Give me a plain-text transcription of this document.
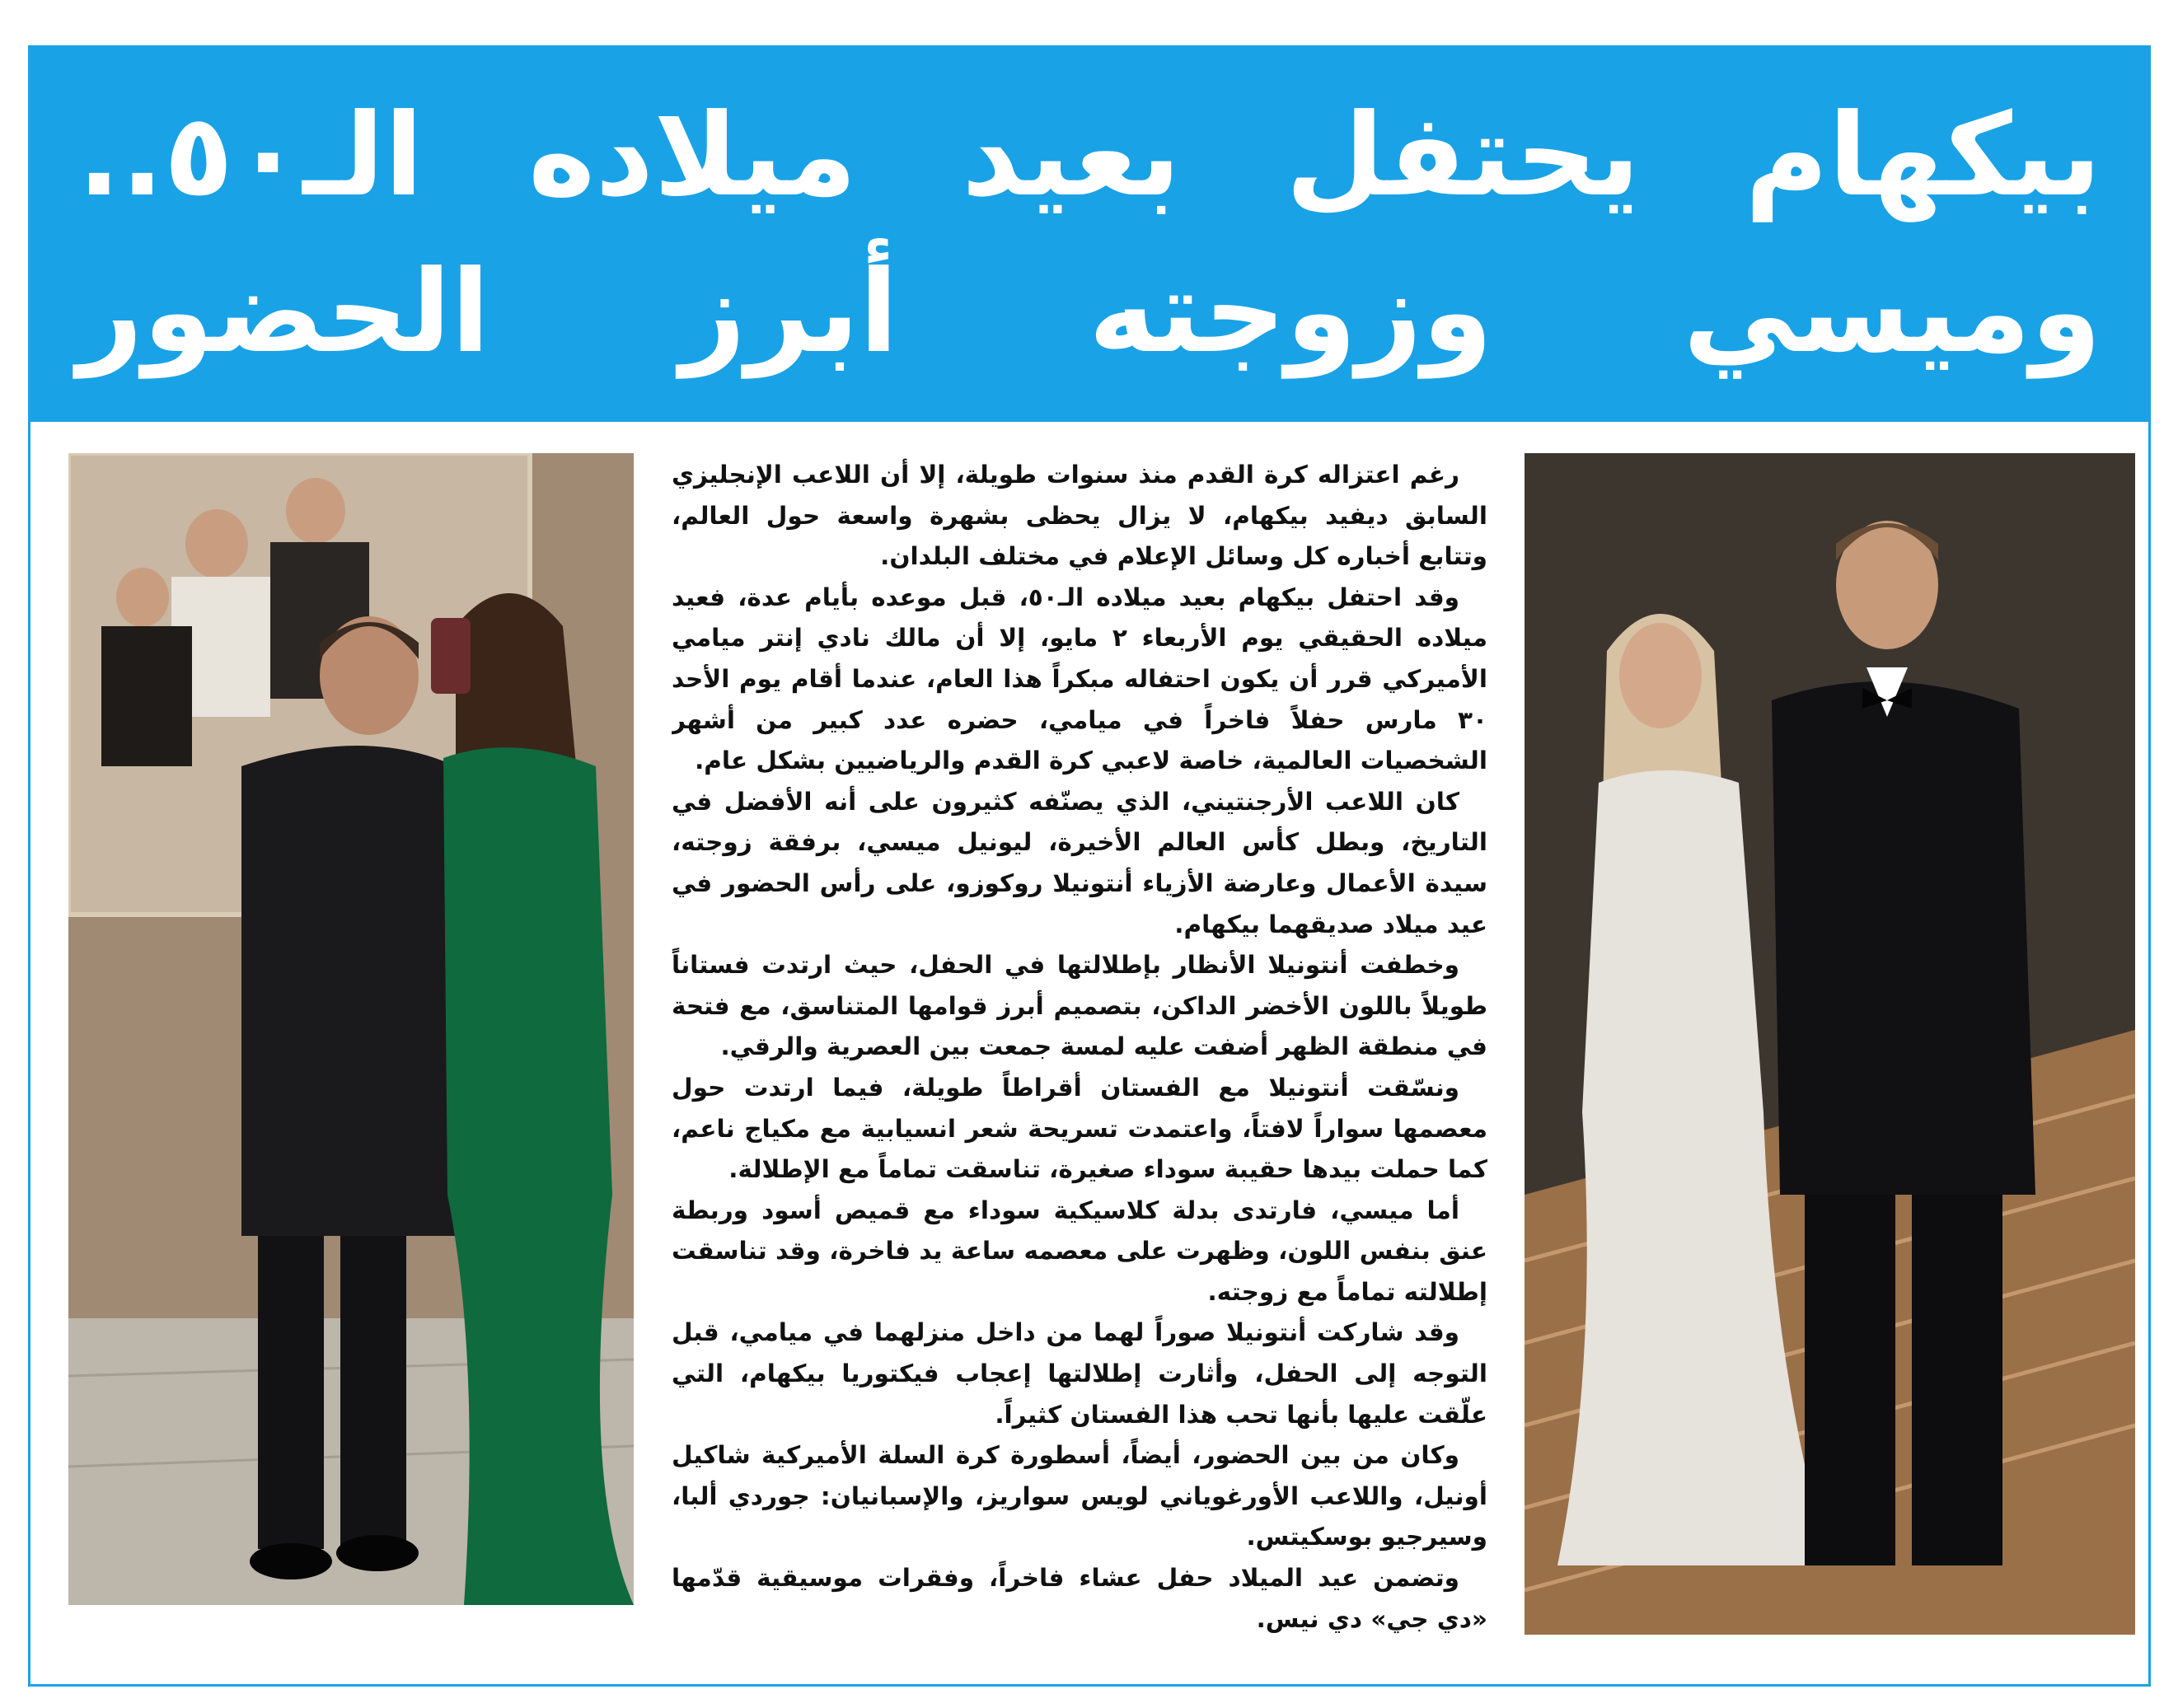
بيكهام يحتفل بعيد ميلاده الـ٥٠..
وميسي وزوجته أبرز الحضور

رغم اعتزاله كرة القدم منذ سنوات طويلة، إلا أن اللاعب الإنجليزي السابق ديفيد بيكهام، لا يزال يحظى بشهرة واسعة حول العالم، وتتابع أخباره كل وسائل الإعلام في مختلف البلدان.

وقد احتفل بيكهام بعيد ميلاده الـ٥٠، قبل موعده بأيام عدة، فعيد ميلاده الحقيقي يوم الأربعاء ٢ مايو، إلا أن مالك نادي إنتر ميامي الأميركي قرر أن يكون احتفاله مبكراً هذا العام، عندما أقام يوم الأحد ٣٠ مارس حفلاً فاخراً في ميامي، حضره عدد كبير من أشهر الشخصيات العالمية، خاصة لاعبي كرة القدم والرياضيين بشكل عام.

كان اللاعب الأرجنتيني، الذي يصنّفه كثيرون على أنه الأفضل في التاريخ، وبطل كأس العالم الأخيرة، ليونيل ميسي، برفقة زوجته، سيدة الأعمال وعارضة الأزياء أنتونيلا روكوزو، على رأس الحضور في عيد ميلاد صديقهما بيكهام.

وخطفت أنتونيلا الأنظار بإطلالتها في الحفل، حيث ارتدت فستاناً طويلاً باللون الأخضر الداكن، بتصميم أبرز قوامها المتناسق، مع فتحة في منطقة الظهر أضفت عليه لمسة جمعت بين العصرية والرقي.

ونسّقت أنتونيلا مع الفستان أقراطاً طويلة، فيما ارتدت حول معصمها سواراً لافتاً، واعتمدت تسريحة شعر انسيابية مع مكياج ناعم، كما حملت بيدها حقيبة سوداء صغيرة، تناسقت تماماً مع الإطلالة.

أما ميسي، فارتدى بدلة كلاسيكية سوداء مع قميص أسود وربطة عنق بنفس اللون، وظهرت على معصمه ساعة يد فاخرة، وقد تناسقت إطلالته تماماً مع زوجته.

وقد شاركت أنتونيلا صوراً لهما من داخل منزلهما في ميامي، قبل التوجه إلى الحفل، وأثارت إطلالتها إعجاب فيكتوريا بيكهام، التي علّقت عليها بأنها تحب هذا الفستان كثيراً.

وكان من بين الحضور، أيضاً، أسطورة كرة السلة الأميركية شاكيل أونيل، واللاعب الأورغوياني لويس سواريز، والإسبانيان: جوردي ألبا، وسيرجيو بوسكيتس.

وتضمن عيد الميلاد حفل عشاء فاخراً، وفقرات موسيقية قدّمها «دي جي» دي نيس.
